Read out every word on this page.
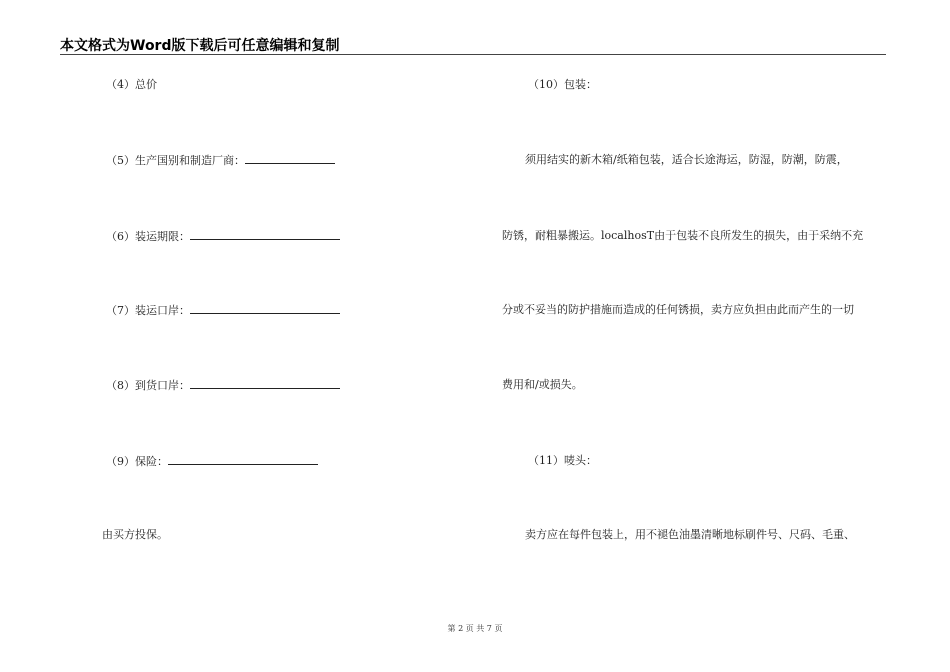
本文格式为Word版下载后可任意编辑和复制
（4）总价
（5）生产国别和制造厂商：
（6）装运期限：
（7）装运口岸：
（8）到货口岸：
（9）保险：
由买方投保。
（10）包装：
须用结实的新木箱/纸箱包装，适合长途海运，防湿，防潮，防震，
防锈，耐粗暴搬运。localhosT由于包装不良所发生的损失，由于采纳不充
分或不妥当的防护措施而造成的任何锈损，卖方应负担由此而产生的一切
费用和/或损失。
（11）唛头：
卖方应在每件包装上，用不褪色油墨清晰地标刷件号、尺码、毛重、
第 2 页 共 7 页
